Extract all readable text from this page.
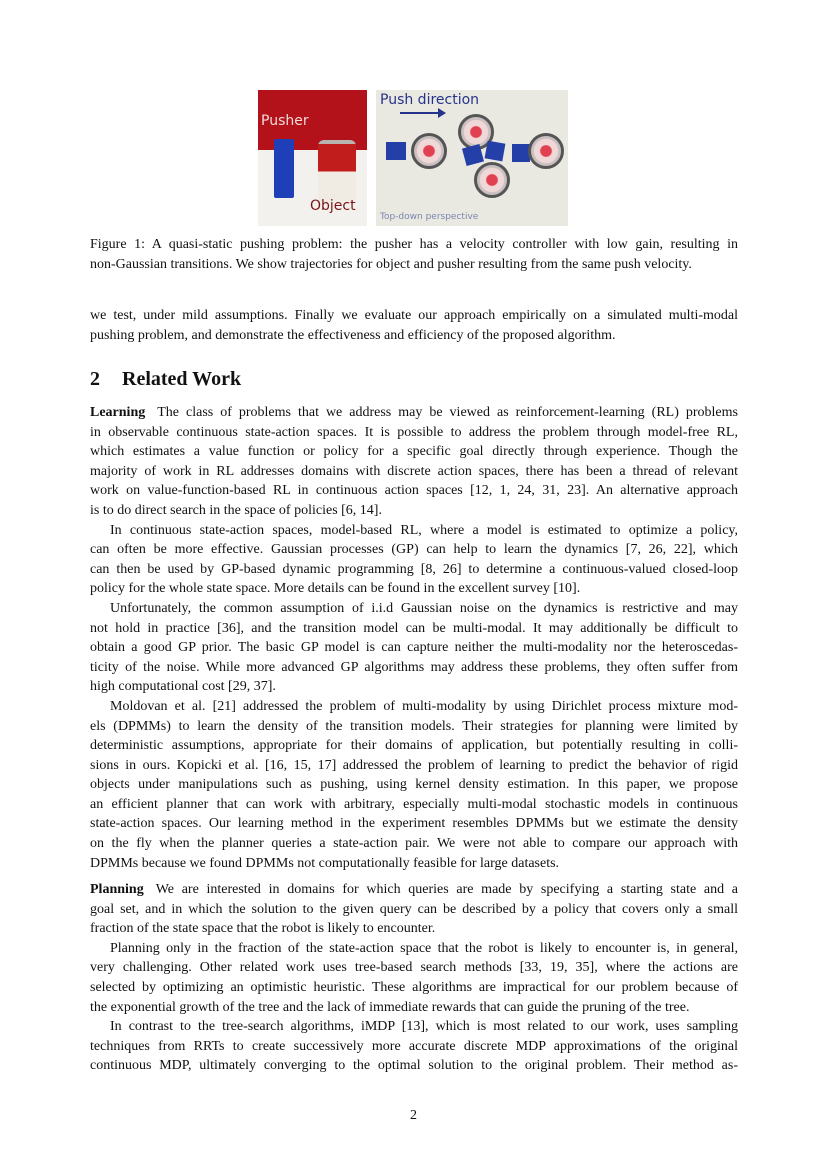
Pusher
Object
Push direction
Top-down perspective
Figure 1: A quasi-static pushing problem: the pusher has a velocity controller with low gain, resulting in
non-Gaussian transitions. We show trajectories for object and pusher resulting from the same push velocity.
we test, under mild assumptions. Finally we evaluate our approach empirically on a simulated multi-modal
pushing problem, and demonstrate the effectiveness and efficiency of the proposed algorithm.
2 Related Work
Learning The class of problems that we address may be viewed as reinforcement-learning (RL) problems
in observable continuous state-action spaces. It is possible to address the problem through model-free RL,
which estimates a value function or policy for a specific goal directly through experience. Though the
majority of work in RL addresses domains with discrete action spaces, there has been a thread of relevant
work on value-function-based RL in continuous action spaces [12, 1, 24, 31, 23]. An alternative approach
is to do direct search in the space of policies [6, 14].
In continuous state-action spaces, model-based RL, where a model is estimated to optimize a policy,
can often be more effective. Gaussian processes (GP) can help to learn the dynamics [7, 26, 22], which
can then be used by GP-based dynamic programming [8, 26] to determine a continuous-valued closed-loop
policy for the whole state space. More details can be found in the excellent survey [10].
Unfortunately, the common assumption of i.i.d Gaussian noise on the dynamics is restrictive and may
not hold in practice [36], and the transition model can be multi-modal. It may additionally be difficult to
obtain a good GP prior. The basic GP model is can capture neither the multi-modality nor the heteroscedas-
ticity of the noise. While more advanced GP algorithms may address these problems, they often suffer from
high computational cost [29, 37].
Moldovan et al. [21] addressed the problem of multi-modality by using Dirichlet process mixture mod-
els (DPMMs) to learn the density of the transition models. Their strategies for planning were limited by
deterministic assumptions, appropriate for their domains of application, but potentially resulting in colli-
sions in ours. Kopicki et al. [16, 15, 17] addressed the problem of learning to predict the behavior of rigid
objects under manipulations such as pushing, using kernel density estimation. In this paper, we propose
an efficient planner that can work with arbitrary, especially multi-modal stochastic models in continuous
state-action spaces. Our learning method in the experiment resembles DPMMs but we estimate the density
on the fly when the planner queries a state-action pair. We were not able to compare our approach with
DPMMs because we found DPMMs not computationally feasible for large datasets.
Planning We are interested in domains for which queries are made by specifying a starting state and a
goal set, and in which the solution to the given query can be described by a policy that covers only a small
fraction of the state space that the robot is likely to encounter.
Planning only in the fraction of the state-action space that the robot is likely to encounter is, in general,
very challenging. Other related work uses tree-based search methods [33, 19, 35], where the actions are
selected by optimizing an optimistic heuristic. These algorithms are impractical for our problem because of
the exponential growth of the tree and the lack of immediate rewards that can guide the pruning of the tree.
In contrast to the tree-search algorithms, iMDP [13], which is most related to our work, uses sampling
techniques from RRTs to create successively more accurate discrete MDP approximations of the original
continuous MDP, ultimately converging to the optimal solution to the original problem. Their method as-
2
